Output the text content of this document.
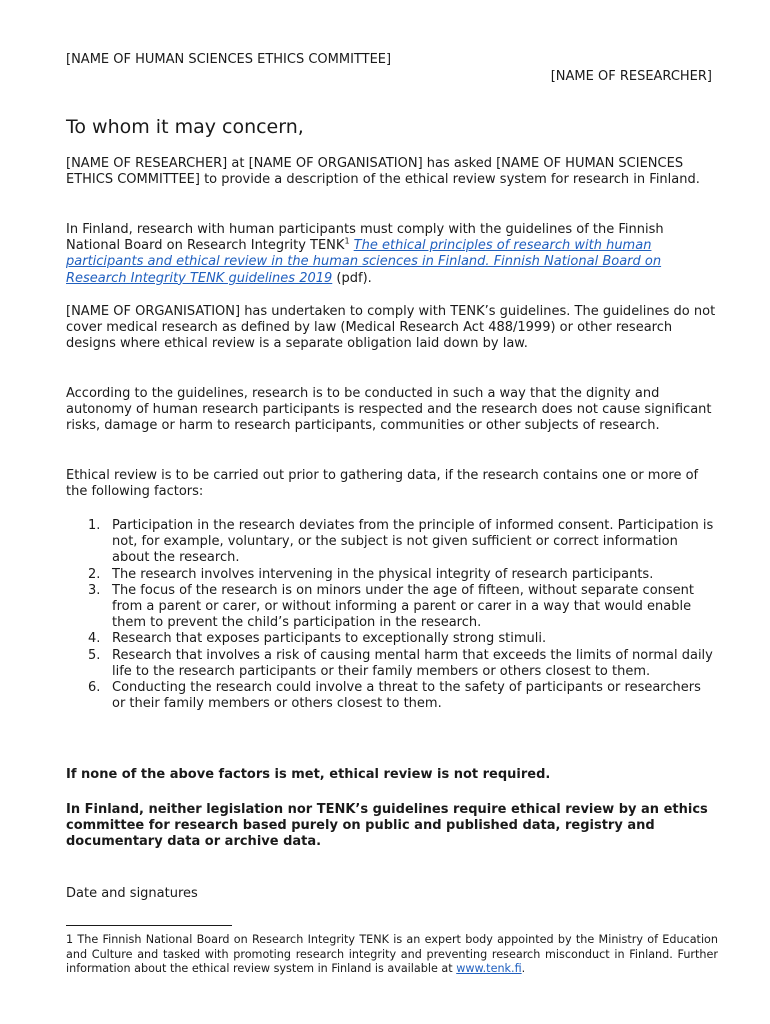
[NAME OF HUMAN SCIENCES ETHICS COMMITTEE]
[NAME OF RESEARCHER]
To whom it may concern,

[NAME OF RESEARCHER] at [NAME OF ORGANISATION] has asked [NAME OF HUMAN SCIENCES ETHICS COMMITTEE] to provide a description of the ethical review system for research in Finland.

In Finland, research with human participants must comply with the guidelines of the Finnish National Board on Research Integrity TENK$^1$ The ethical principles of research with human participants and ethical review in the human sciences in Finland. Finnish National Board on Research Integrity TENK guidelines 2019 (pdf).

[NAME OF ORGANISATION] has undertaken to comply with TENK’s guidelines. The guidelines do not cover medical research as defined by law (Medical Research Act 488/1999) or other research designs where ethical review is a separate obligation laid down by law.

According to the guidelines, research is to be conducted in such a way that the dignity and autonomy of human research participants is respected and the research does not cause significant risks, damage or harm to research participants, communities or other subjects of research.

Ethical review is to be carried out prior to gathering data, if the research contains one or more of the following factors:

1. Participation in the research deviates from the principle of informed consent. Participation is not, for example, voluntary, or the subject is not given sufficient or correct information about the research.
2. The research involves intervening in the physical integrity of research participants.
3. The focus of the research is on minors under the age of fifteen, without separate consent from a parent or carer, or without informing a parent or carer in a way that would enable them to prevent the child’s participation in the research.
4. Research that exposes participants to exceptionally strong stimuli.
5. Research that involves a risk of causing mental harm that exceeds the limits of normal daily life to the research participants or their family members or others closest to them.
6. Conducting the research could involve a threat to the safety of participants or researchers or their family members or others closest to them.

If none of the above factors is met, ethical review is not required.

In Finland, neither legislation nor TENK’s guidelines require ethical review by an ethics committee for research based purely on public and published data, registry and documentary data or archive data.

Date and signatures

1 The Finnish National Board on Research Integrity TENK is an expert body appointed by the Ministry of Education and Culture and tasked with promoting research integrity and preventing research misconduct in Finland. Further information about the ethical review system in Finland is available at www.tenk.fi.
